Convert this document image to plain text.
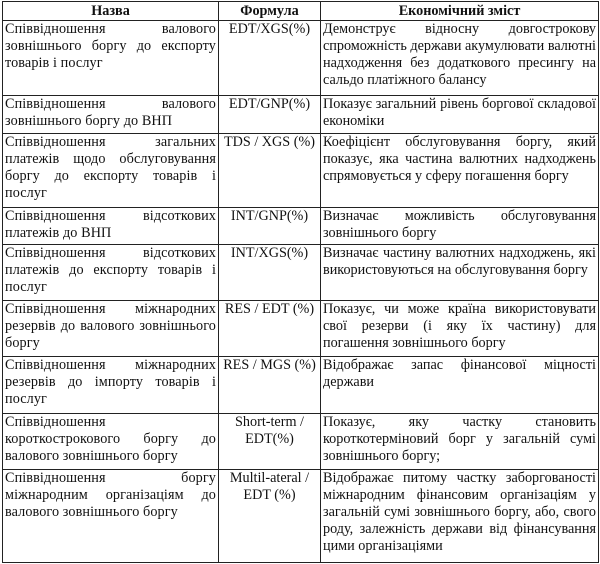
Назва	Формула	Економічний зміст
Співвідношення валового зовнішнього боргу до експорту товарів і послуг	EDT/XGS(%)	Демонструє відносну довгострокову спроможність держави акумулювати валютні надходження без додаткового пресингу на сальдо платіжного балансу
Співвідношення валового зовнішнього боргу до ВНП	EDT/GNP(%)	Показує загальний рівень боргової складової економіки
Співвідношення загальних платежів щодо обслуговування боргу до експорту товарів і послуг	TDS / XGS (%)	Коефіцієнт обслуговування боргу, який показує, яка частина валютних надходжень спрямовується у сферу погашення боргу
Співвідношення відсоткових платежів до ВНП	INT/GNP(%)	Визначає можливість обслуговування зовнішнього боргу
Співвідношення відсоткових платежів до експорту товарів і послуг	INT/XGS(%)	Визначає частину валютних надходжень, які використовуються на обслуговування боргу
Співвідношення міжнародних резервів до валового зовнішнього боргу	RES / EDT (%)	Показує, чи може країна використовувати свої резерви (і яку їх частину) для погашення зовнішнього боргу
Співвідношення міжнародних резервів до імпорту товарів і послуг	RES / MGS (%)	Відображає запас фінансової міцності держави
Співвідношення короткострокового боргу до валового зовнішнього боргу	Short-term / EDT(%)	Показує, яку частку становить короткотерміновий борг у загальній сумі зовнішнього боргу;
Співвідношення боргу міжнародним організаціям до валового зовнішнього боргу	Multil-ateral / EDT (%)	Відображає питому частку заборгованості міжнародним фінансовим організаціям у загальній сумі зовнішнього боргу, або, свого роду, залежність держави від фінансування цими організаціями
